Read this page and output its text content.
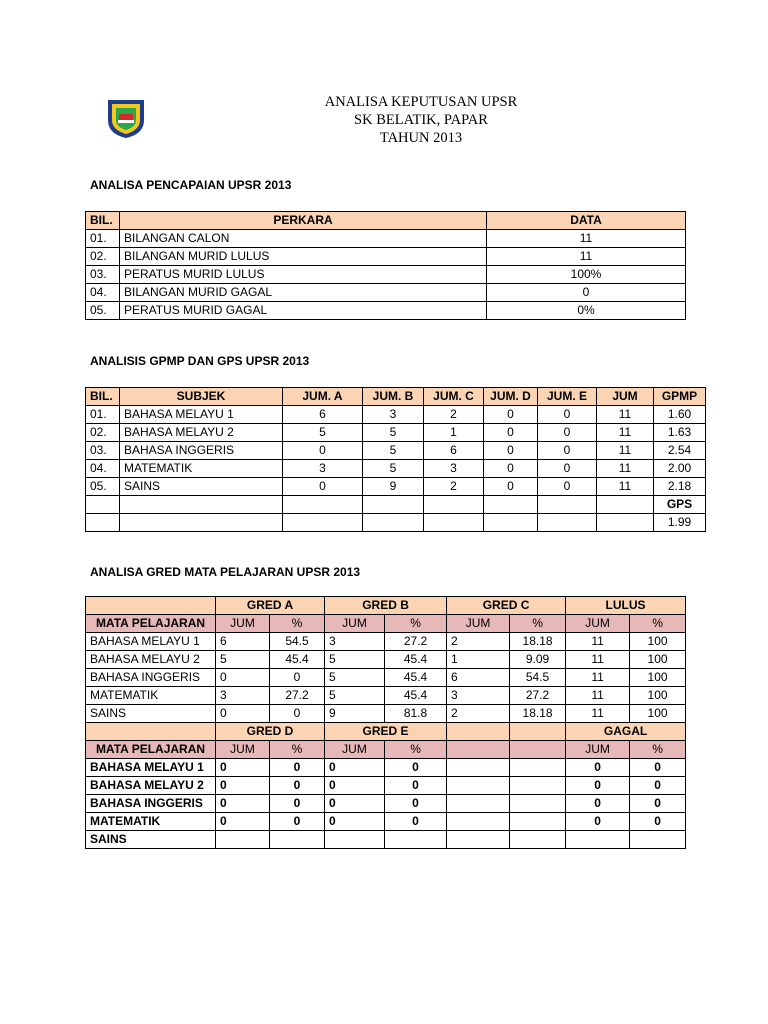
ANALISA KEPUTUSAN UPSR
SK BELATIK, PAPAR
TAHUN 2013
ANALISA PENCAPAIAN UPSR 2013
BIL.	PERKARA	DATA
01.	BILANGAN CALON	11
02.	BILANGAN MURID LULUS	11
03.	PERATUS MURID LULUS	100%
04.	BILANGAN MURID GAGAL	0
05.	PERATUS MURID GAGAL	0%
ANALISIS GPMP DAN GPS UPSR 2013
BIL.	SUBJEK	JUM. A	JUM. B	JUM. C	JUM. D	JUM. E	JUM	GPMP
01.	BAHASA MELAYU 1	6	3	2	0	0	11	1.60
02.	BAHASA MELAYU 2	5	5	1	0	0	11	1.63
03.	BAHASA INGGERIS	0	5	6	0	0	11	2.54
04.	MATEMATIK	3	5	3	0	0	11	2.00
05.	SAINS	0	9	2	0	0	11	2.18
								GPS
								1.99
ANALISA GRED MATA PELAJARAN UPSR 2013
	GRED A		GRED B		GRED C		LULUS	
MATA PELAJARAN	JUM	%	JUM	%	JUM	%	JUM	%
BAHASA MELAYU 1	6	54.5	3	27.2	2	18.18	11	100
BAHASA MELAYU 2	5	45.4	5	45.4	1	9.09	11	100
BAHASA INGGERIS	0	0	5	45.4	6	54.5	11	100
MATEMATIK	3	27.2	5	45.4	3	27.2	11	100
SAINS	0	0	9	81.8	2	18.18	11	100
	GRED D		GRED E				GAGAL	
MATA PELAJARAN	JUM	%	JUM	%			JUM	%
BAHASA MELAYU 1	0	0	0	0			0	0
BAHASA MELAYU 2	0	0	0	0			0	0
BAHASA INGGERIS	0	0	0	0			0	0
MATEMATIK	0	0	0	0			0	0
SAINS								
